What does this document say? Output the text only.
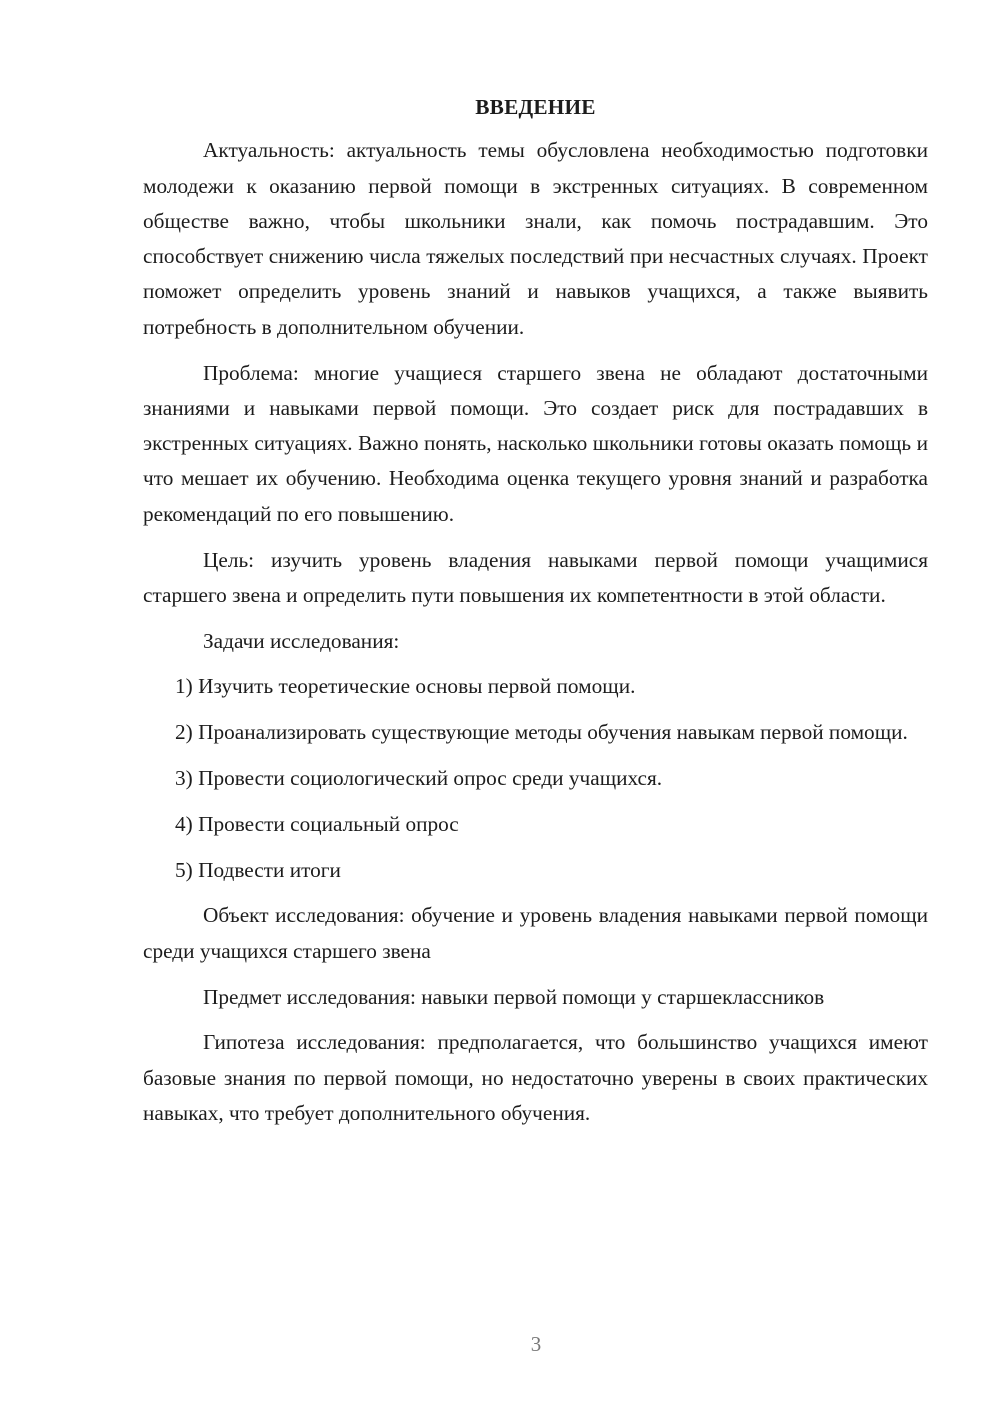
ВВЕДЕНИЕ

Актуальность: актуальность темы обусловлена необходимостью подготовки молодежи к оказанию первой помощи в экстренных ситуациях. В современном обществе важно, чтобы школьники знали, как помочь пострадавшим. Это способствует снижению числа тяжелых последствий при несчастных случаях. Проект поможет определить уровень знаний и навыков учащихся, а также выявить потребность в дополнительном обучении.

Проблема: многие учащиеся старшего звена не обладают достаточными знаниями и навыками первой помощи. Это создает риск для пострадавших в экстренных ситуациях. Важно понять, насколько школьники готовы оказать помощь и что мешает их обучению. Необходима оценка текущего уровня знаний и разработка рекомендаций по его повышению.

Цель: изучить уровень владения навыками первой помощи учащимися старшего звена и определить пути повышения их компетентности в этой области.

Задачи исследования:

1) Изучить теоретические основы первой помощи.

2) Проанализировать существующие методы обучения навыкам первой помощи.

3) Провести социологический опрос среди учащихся.

4) Провести социальный опрос

5) Подвести итоги

Объект исследования: обучение и уровень владения навыками первой помощи среди учащихся старшего звена

Предмет исследования: навыки первой помощи у старшеклассников

Гипотеза исследования: предполагается, что большинство учащихся имеют базовые знания по первой помощи, но недостаточно уверены в своих практических навыках, что требует дополнительного обучения.

3
